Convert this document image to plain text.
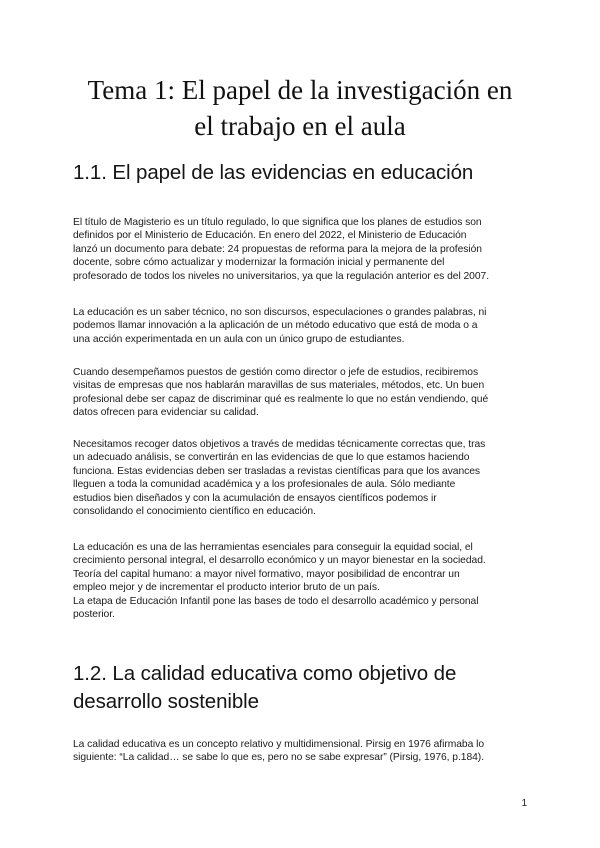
Tema 1: El papel de la investigación en
el trabajo en el aula
1.1. El papel de las evidencias en educación

El título de Magisterio es un título regulado, lo que significa que los planes de estudios son
definidos por el Ministerio de Educación. En enero del 2022, el Ministerio de Educación
lanzó un documento para debate: 24 propuestas de reforma para la mejora de la profesión
docente, sobre cómo actualizar y modernizar la formación inicial y permanente del
profesorado de todos los niveles no universitarios, ya que la regulación anterior es del 2007.

La educación es un saber técnico, no son discursos, especulaciones o grandes palabras, ni
podemos llamar innovación a la aplicación de un método educativo que está de moda o a
una acción experimentada en un aula con un único grupo de estudiantes.

Cuando desempeñamos puestos de gestión como director o jefe de estudios, recibiremos
visitas de empresas que nos hablarán maravillas de sus materiales, métodos, etc. Un buen
profesional debe ser capaz de discriminar qué es realmente lo que no están vendiendo, qué
datos ofrecen para evidenciar su calidad.

Necesitamos recoger datos objetivos a través de medidas técnicamente correctas que, tras
un adecuado análisis, se convertirán en las evidencias de que lo que estamos haciendo
funciona. Estas evidencias deben ser trasladas a revistas científicas para que los avances
lleguen a toda la comunidad académica y a los profesionales de aula. Sólo mediante
estudios bien diseñados y con la acumulación de ensayos científicos podemos ir
consolidando el conocimiento científico en educación.

La educación es una de las herramientas esenciales para conseguir la equidad social, el
crecimiento personal integral, el desarrollo económico y un mayor bienestar en la sociedad.
Teoría del capital humano: a mayor nivel formativo, mayor posibilidad de encontrar un
empleo mejor y de incrementar el producto interior bruto de un país.
La etapa de Educación Infantil pone las bases de todo el desarrollo académico y personal
posterior.

1.2. La calidad educativa como objetivo de
desarrollo sostenible

La calidad educativa es un concepto relativo y multidimensional. Pirsig en 1976 afirmaba lo
siguiente: “La calidad… se sabe lo que es, pero no se sabe expresar” (Pirsig, 1976, p.184).

1
